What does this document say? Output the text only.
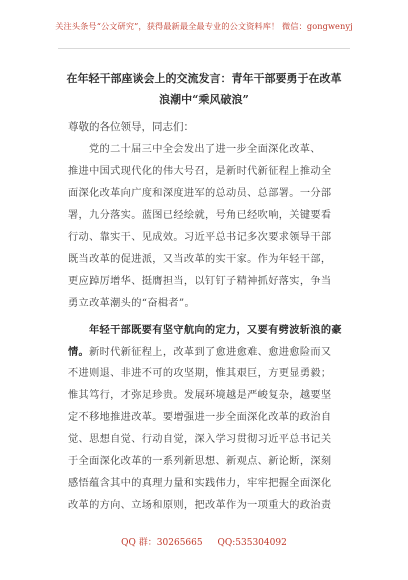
关注头条号“公文研究”，获得最新最全最专业的公文资料库！ 微信：gongwenyj
在年轻干部座谈会上的交流发言：青年干部要勇于在改革
浪潮中“乘风破浪”
尊敬的各位领导，同志们：
党的二十届三中全会发出了进一步全面深化改革、
推进中国式现代化的伟大号召，是新时代新征程上推动全
面深化改革向广度和深度进军的总动员、总部署。一分部
署，九分落实。蓝图已经绘就，号角已经吹响，关键要看
行动、靠实干、见成效。习近平总书记多次要求领导干部
既当改革的促进派，又当改革的实干家。作为年轻干部，
更应踔厉增华、挺膺担当，以钉钉子精神抓好落实，争当
勇立改革潮头的“奋楫者”。
年轻干部既要有坚守航向的定力，又要有劈波斩浪的豪
情。新时代新征程上，改革到了愈进愈难、愈进愈险而又
不进则退、非进不可的攻坚期，惟其艰巨，方更显勇毅；
惟其笃行，才弥足珍贵。发展环境越是严峻复杂，越要坚
定不移地推进改革。要增强进一步全面深化改革的政治自
觉、思想自觉、行动自觉，深入学习贯彻习近平总书记关
于全面深化改革的一系列新思想、新观点、新论断，深刻
感悟蕴含其中的真理力量和实践伟力，牢牢把握全面深化
改革的方向、立场和原则，把改革作为一项重大的政治责
QQ 群：30265665 QQ:535304092
